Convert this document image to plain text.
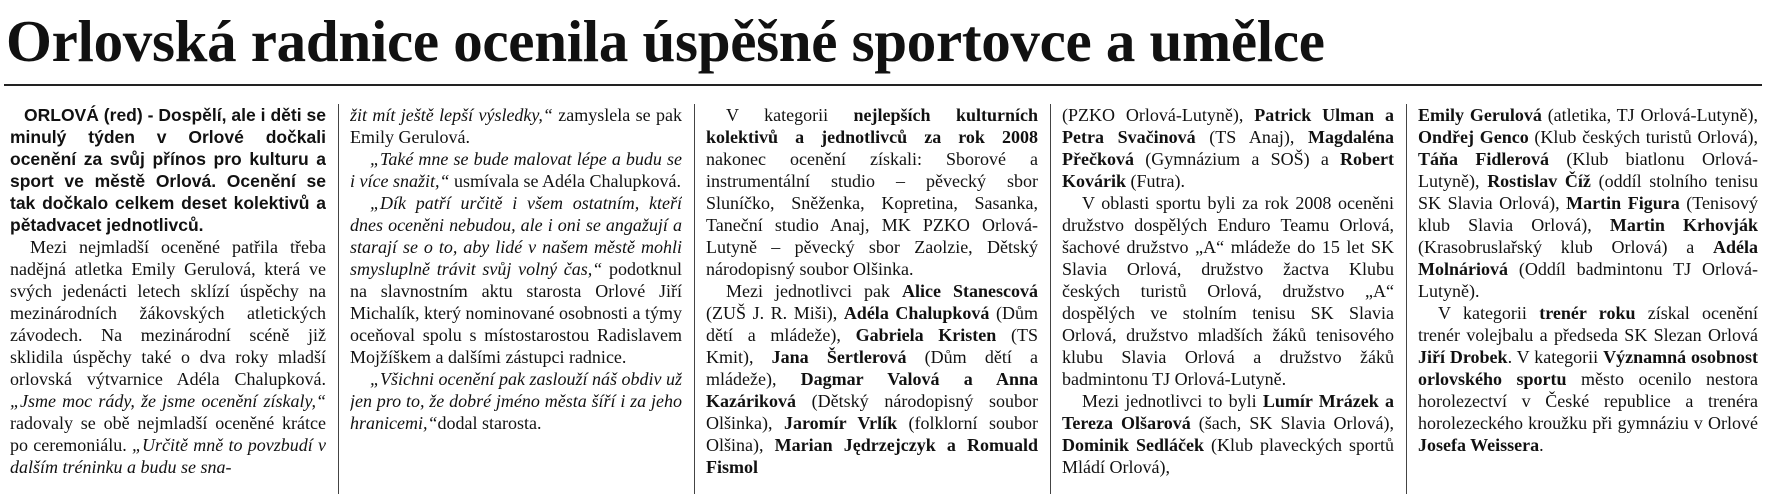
Orlovská radnice ocenila úspěšné sportovce a umělce

ORLOVÁ (red) - Dospělí, ale i děti se minulý týden v Orlové dočkali ocenění za svůj přínos pro kulturu a sport ve městě Orlová. Ocenění se tak dočkalo celkem deset kolektivů a pětadvacet jednotlivců.

Mezi nejmladší oceněné patřila třeba nadějná atletka Emily Gerulová, která ve svých jedenácti letech sklízí úspěchy na mezinárodních žákovských atletických závodech. Na mezinárodní scéně již sklidila úspěchy také o dva roky mladší orlovská výtvarnice Adéla Chalupková. „Jsme moc rády, že jsme ocenění získaly,“ radovaly se obě nejmladší oceněné krátce po ceremoniálu. „Určitě mně to povzbudí v dalším tréninku a budu se sna-

žit mít ještě lepší výsledky,“ zamyslela se pak Emily Gerulová.

„Také mne se bude malovat lépe a budu se i více snažit,“ usmívala se Adéla Chalupková.

„Dík patří určitě i všem ostatním, kteří dnes oceněni nebudou, ale i oni se angažují a starají se o to, aby lidé v našem městě mohli smysluplně trávit svůj volný čas,“ podotknul na slavnostním aktu starosta Orlové Jiří Michalík, který nominované osobnosti a týmy oceňoval spolu s místostarostou Radislavem Mojžíškem a dalšími zástupci radnice.

„Všichni ocenění pak zaslouží náš obdiv už jen pro to, že dobré jméno města šíří i za jeho hranicemi,“dodal starosta.

V kategorii nejlepších kulturních kolektivů a jednotlivců za rok 2008 nakonec ocenění získali: Sborové a instrumentální studio – pěvecký sbor Sluníčko, Sněženka, Kopretina, Sasanka, Taneční studio Anaj, MK PZKO Orlová-Lutyně – pěvecký sbor Zaolzie, Dětský národopisný soubor Olšinka.

Mezi jednotlivci pak Alice Stanescová (ZUŠ J. R. Miši), Adéla Chalupková (Dům dětí a mládeže), Gabriela Kristen (TS Kmit), Jana Šertlerová (Dům dětí a mládeže), Dagmar Valová a Anna Kazáriková (Dětský národopisný soubor Olšinka), Jaromír Vrlík (folklorní soubor Olšina), Marian Jędrzejczyk a Romuald Fismol

(PZKO Orlová-Lutyně), Patrick Ulman a Petra Svačinová (TS Anaj), Magdaléna Přečková (Gymnázium a SOŠ) a Robert Kovárik (Futra).

V oblasti sportu byli za rok 2008 oceněni družstvo dospělých Enduro Teamu Orlová, šachové družstvo „A“ mládeže do 15 let SK Slavia Orlová, družstvo žactva Klubu českých turistů Orlová, družstvo „A“ dospělých ve stolním tenisu SK Slavia Orlová, družstvo mladších žáků tenisového klubu Slavia Orlová a družstvo žáků badmintonu TJ Orlová-Lutyně.

Mezi jednotlivci to byli Lumír Mrázek a Tereza Olšarová (šach, SK Slavia Orlová), Dominik Sedláček (Klub plaveckých sportů Mládí Orlová),

Emily Gerulová (atletika, TJ Orlová-Lutyně), Ondřej Genco (Klub českých turistů Orlová), Táňa Fidlerová (Klub biatlonu Orlová-Lutyně), Rostislav Číž (oddíl stolního tenisu SK Slavia Orlová), Martin Figura (Tenisový klub Slavia Orlová), Martin Krhovják (Krasobruslařský klub Orlová) a Adéla Molnáriová (Oddíl badmintonu TJ Orlová-Lutyně).

V kategorii trenér roku získal ocenění trenér volejbalu a předseda SK Slezan Orlová Jiří Drobek. V kategorii Významná osobnost orlovského sportu město ocenilo nestora horolezectví v České republice a trenéra horolezeckého kroužku při gymnáziu v Orlové Josefa Weissera.
